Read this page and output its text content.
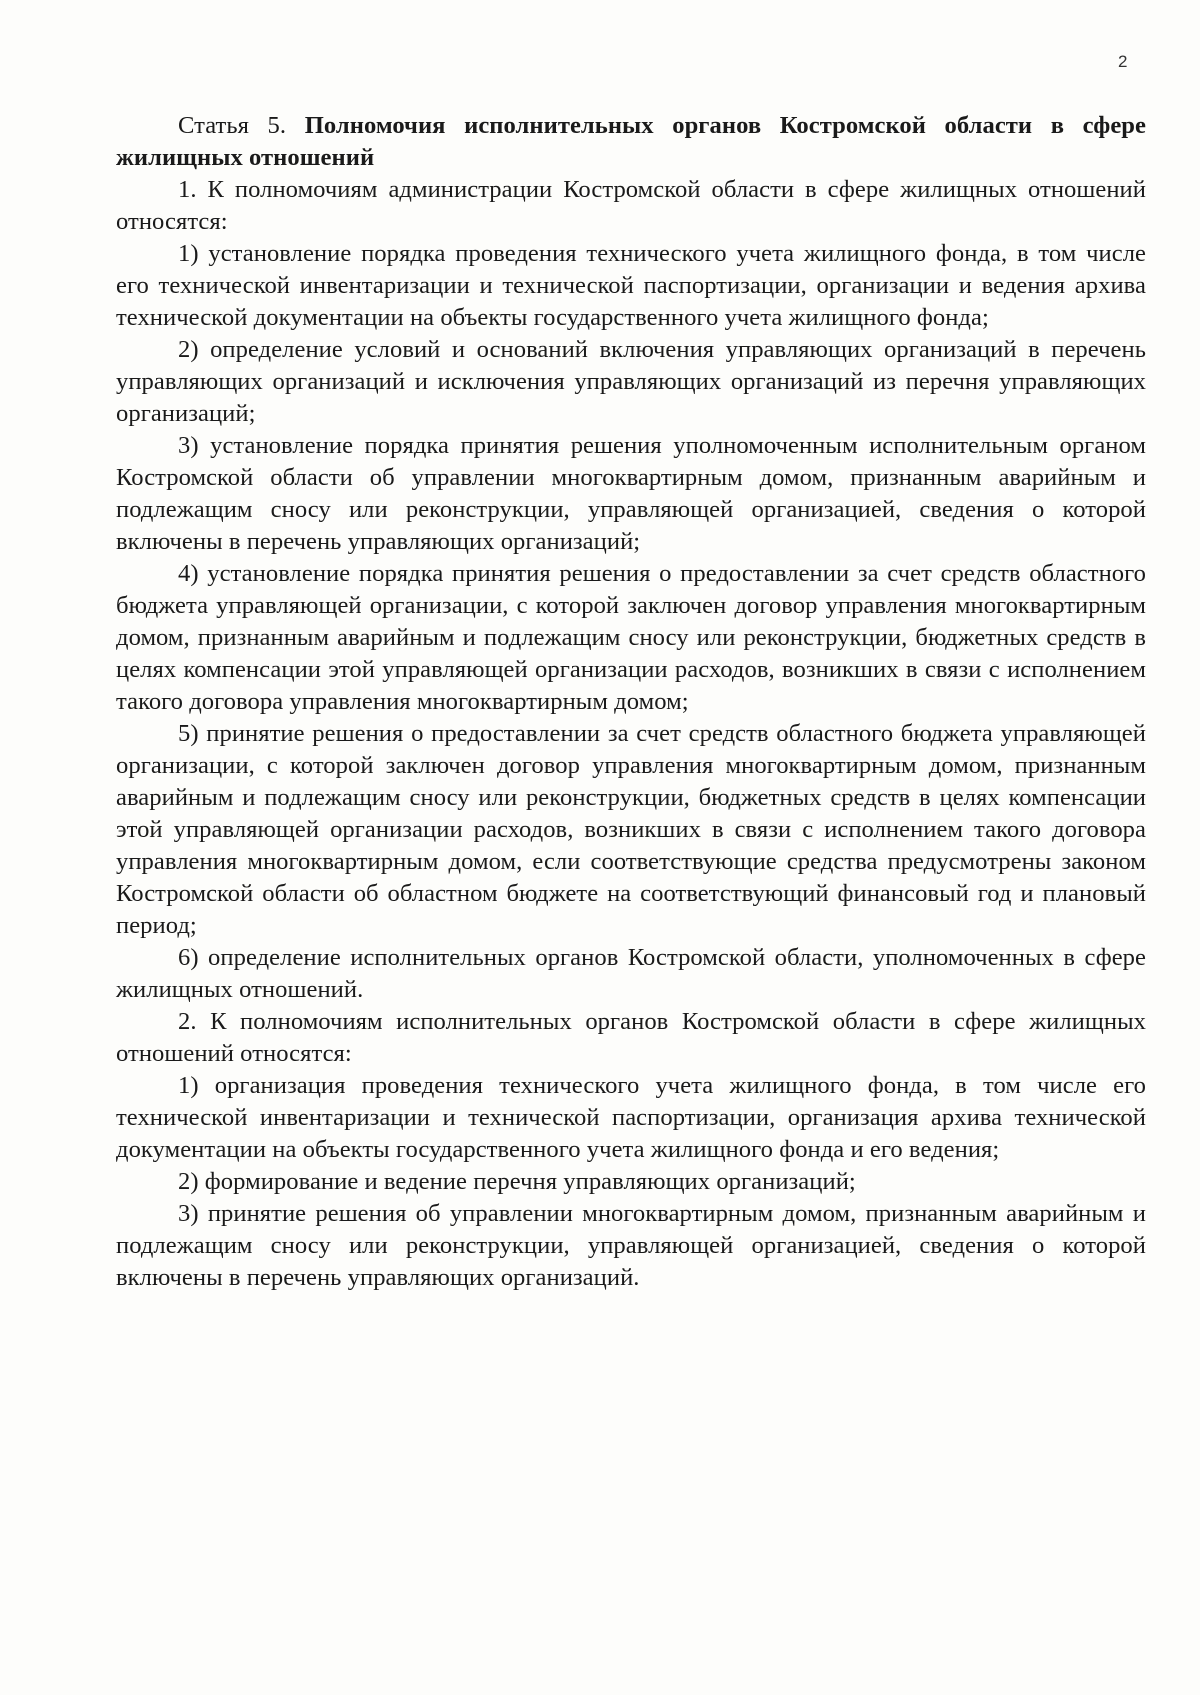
2

Статья 5. Полномочия исполнительных органов Костромской области в сфере жилищных отношений

1. К полномочиям администрации Костромской области в сфере жилищных отношений относятся:

1) установление порядка проведения технического учета жилищного фонда, в том числе его технической инвентаризации и технической паспортизации, организации и ведения архива технической документации на объекты государственного учета жилищного фонда;

2) определение условий и оснований включения управляющих организаций в перечень управляющих организаций и исключения управляющих организаций из перечня управляющих организаций;

3) установление порядка принятия решения уполномоченным исполнительным органом Костромской области об управлении многоквартирным домом, признанным аварийным и подлежащим сносу или реконструкции, управляющей организацией, сведения о которой включены в перечень управляющих организаций;

4) установление порядка принятия решения о предоставлении за счет средств областного бюджета управляющей организации, с которой заключен договор управления многоквартирным домом, признанным аварийным и подлежащим сносу или реконструкции, бюджетных средств в целях компенсации этой управляющей организации расходов, возникших в связи с исполнением такого договора управления многоквартирным домом;

5) принятие решения о предоставлении за счет средств областного бюджета управляющей организации, с которой заключен договор управления многоквартирным домом, признанным аварийным и подлежащим сносу или реконструкции, бюджетных средств в целях компенсации этой управляющей организации расходов, возникших в связи с исполнением такого договора управления многоквартирным домом, если соответствующие средства предусмотрены законом Костромской области об областном бюджете на соответствующий финансовый год и плановый период;

6) определение исполнительных органов Костромской области, уполномоченных в сфере жилищных отношений.

2. К полномочиям исполнительных органов Костромской области в сфере жилищных отношений относятся:

1) организация проведения технического учета жилищного фонда, в том числе его технической инвентаризации и технической паспортизации, организация архива технической документации на объекты государственного учета жилищного фонда и его ведения;

2) формирование и ведение перечня управляющих организаций;

3) принятие решения об управлении многоквартирным домом, признанным аварийным и подлежащим сносу или реконструкции, управляющей организацией, сведения о которой включены в перечень управляющих организаций.
